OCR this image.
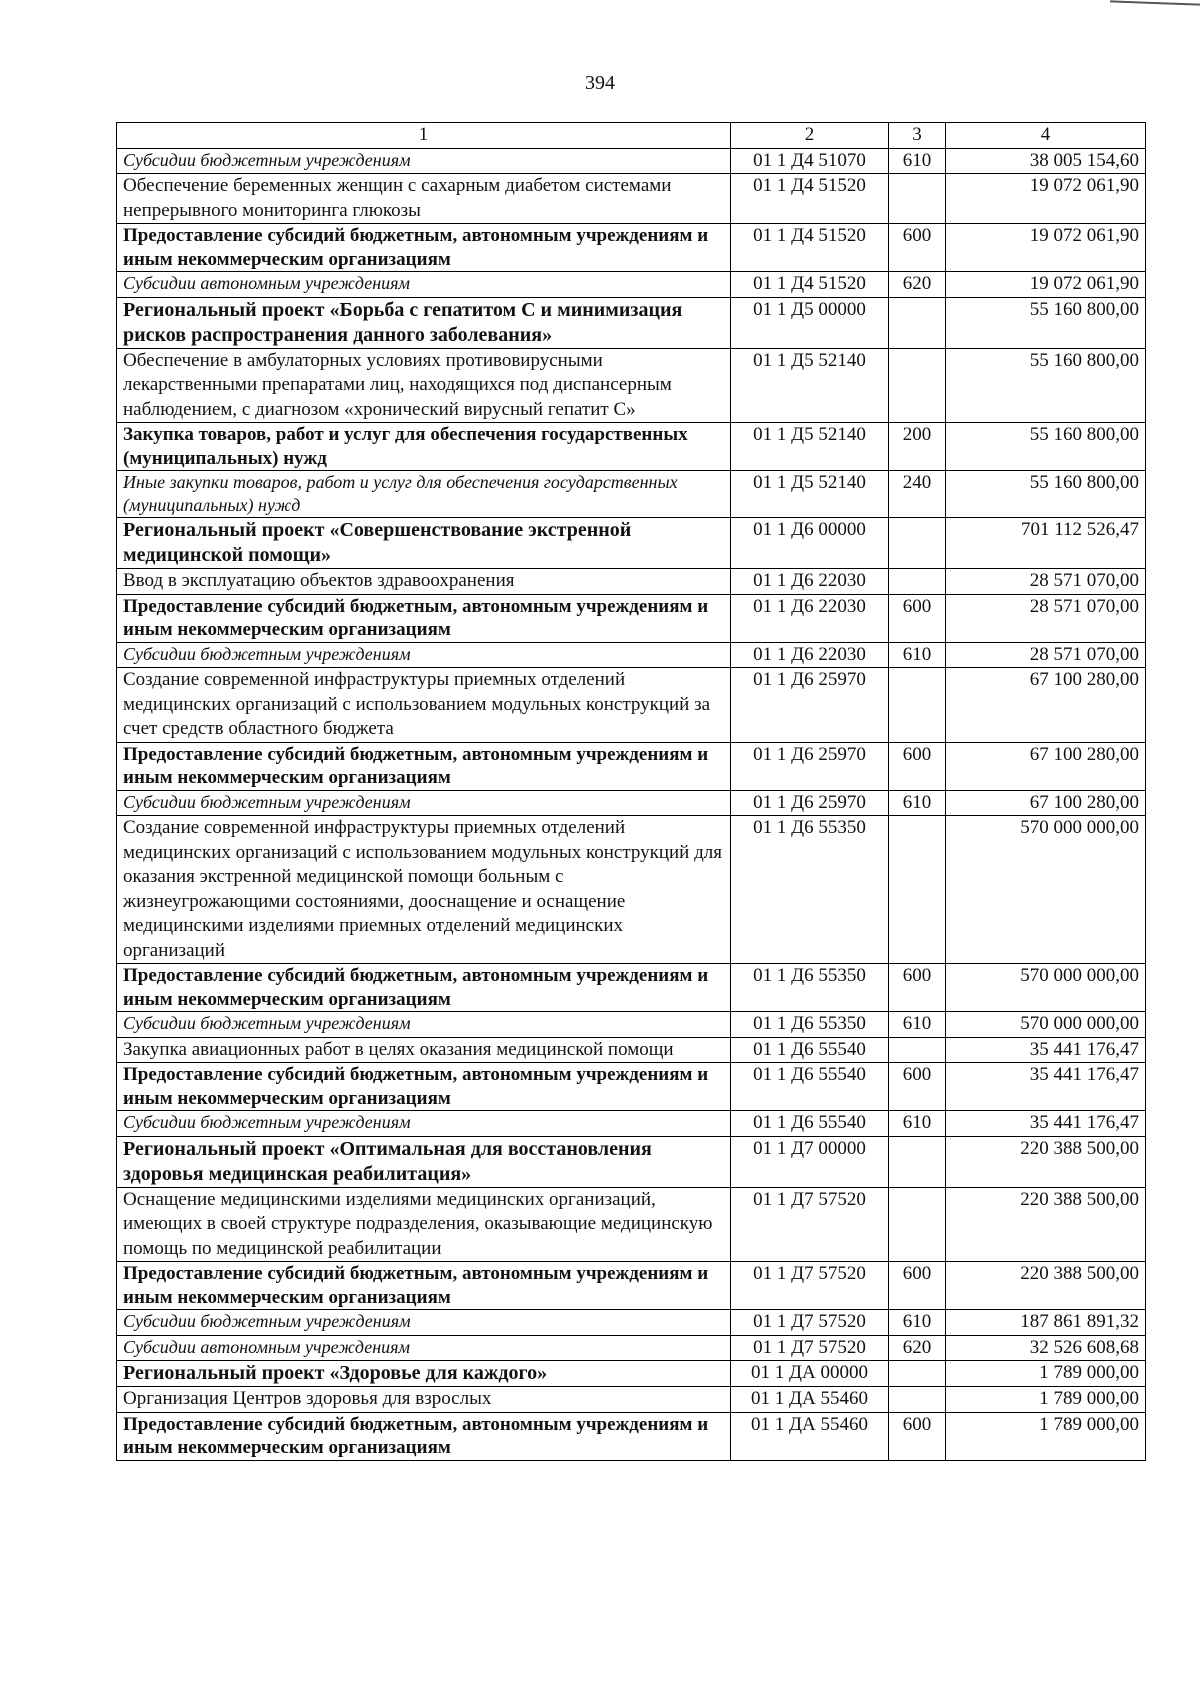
394
1	2	3	4
Субсидии бюджетным учреждениям	01 1 Д4 51070	610	38 005 154,60
Обеспечение беременных женщин с сахарным диабетом системами непрерывного мониторинга глюкозы	01 1 Д4 51520		19 072 061,90
Предоставление субсидий бюджетным, автономным учреждениям и иным некоммерческим организациям	01 1 Д4 51520	600	19 072 061,90
Субсидии автономным учреждениям	01 1 Д4 51520	620	19 072 061,90
Региональный проект «Борьба с гепатитом С и минимизация рисков распространения данного заболевания»	01 1 Д5 00000		55 160 800,00
Обеспечение в амбулаторных условиях противовирусными лекарственными препаратами лиц, находящихся под диспансерным наблюдением, с диагнозом «хронический вирусный гепатит С»	01 1 Д5 52140		55 160 800,00
Закупка товаров, работ и услуг для обеспечения государственных (муниципальных) нужд	01 1 Д5 52140	200	55 160 800,00
Иные закупки товаров, работ и услуг для обеспечения государственных (муниципальных) нужд	01 1 Д5 52140	240	55 160 800,00
Региональный проект «Совершенствование экстренной медицинской помощи»	01 1 Д6 00000		701 112 526,47
Ввод в эксплуатацию объектов здравоохранения	01 1 Д6 22030		28 571 070,00
Предоставление субсидий бюджетным, автономным учреждениям и иным некоммерческим организациям	01 1 Д6 22030	600	28 571 070,00
Субсидии бюджетным учреждениям	01 1 Д6 22030	610	28 571 070,00
Создание современной инфраструктуры приемных отделений медицинских организаций с использованием модульных конструкций за счет средств областного бюджета	01 1 Д6 25970		67 100 280,00
Предоставление субсидий бюджетным, автономным учреждениям и иным некоммерческим организациям	01 1 Д6 25970	600	67 100 280,00
Субсидии бюджетным учреждениям	01 1 Д6 25970	610	67 100 280,00
Создание современной инфраструктуры приемных отделений медицинских организаций с использованием модульных конструкций для оказания экстренной медицинской помощи больным с жизнеугрожающими состояниями, дооснащение и оснащение медицинскими изделиями приемных отделений медицинских организаций	01 1 Д6 55350		570 000 000,00
Предоставление субсидий бюджетным, автономным учреждениям и иным некоммерческим организациям	01 1 Д6 55350	600	570 000 000,00
Субсидии бюджетным учреждениям	01 1 Д6 55350	610	570 000 000,00
Закупка авиационных работ в целях оказания медицинской помощи	01 1 Д6 55540		35 441 176,47
Предоставление субсидий бюджетным, автономным учреждениям и иным некоммерческим организациям	01 1 Д6 55540	600	35 441 176,47
Субсидии бюджетным учреждениям	01 1 Д6 55540	610	35 441 176,47
Региональный проект «Оптимальная для восстановления здоровья медицинская реабилитация»	01 1 Д7 00000		220 388 500,00
Оснащение медицинскими изделиями медицинских организаций, имеющих в своей структуре подразделения, оказывающие медицинскую помощь по медицинской реабилитации	01 1 Д7 57520		220 388 500,00
Предоставление субсидий бюджетным, автономным учреждениям и иным некоммерческим организациям	01 1 Д7 57520	600	220 388 500,00
Субсидии бюджетным учреждениям	01 1 Д7 57520	610	187 861 891,32
Субсидии автономным учреждениям	01 1 Д7 57520	620	32 526 608,68
Региональный проект «Здоровье для каждого»	01 1 ДА 00000		1 789 000,00
Организация Центров здоровья для взрослых	01 1 ДА 55460		1 789 000,00
Предоставление субсидий бюджетным, автономным учреждениям и иным некоммерческим организациям	01 1 ДА 55460	600	1 789 000,00
